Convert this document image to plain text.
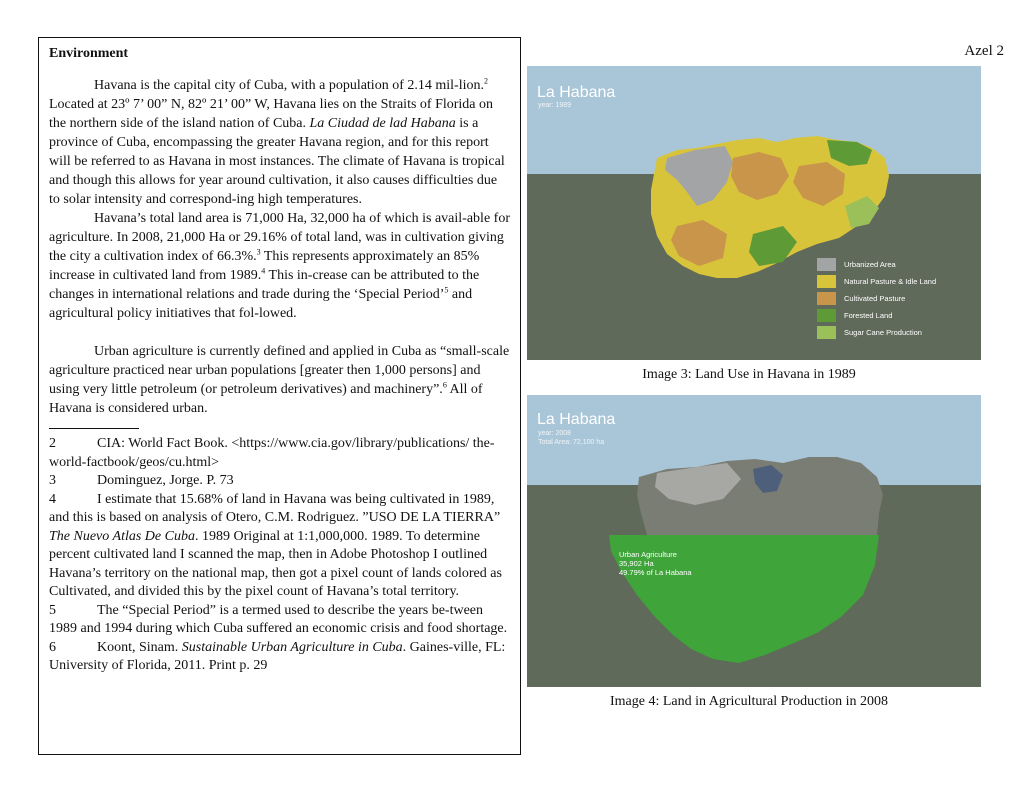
Azel 2
Environment

Havana is the capital city of Cuba, with a population of 2.14 mil-lion.$^2$ Located at 23º 7’ 00” N, 82º 21’ 00” W, Havana lies on the Straits of Florida on the northern side of the island nation of Cuba. La Ciudad de lad Habana is a province of Cuba, encompassing the greater Havana region, and for this report will be referred to as Havana in most instances. The climate of Havana is tropical and though this allows for year around cultivation, it also causes difficulties due to solar intensity and correspond-ing high temperatures.

Havana’s total land area is 71,000 Ha, 32,000 ha of which is avail-able for agriculture. In 2008, 21,000 Ha or 29.16% of total land, was in cultivation giving the city a cultivation index of 66.3%.$^3$ This represents approximately an 85% increase in cultivated land from 1989.$^4$ This in-crease can be attributed to the changes in international relations and trade during the ‘Special Period’$^5$ and agricultural policy initiatives that fol-lowed.

Urban agriculture is currently defined and applied in Cuba as “small-scale agriculture practiced near urban populations [greater then 1,000 persons] and using very little petroleum (or petroleum derivatives) and machinery”.$^6$ All of Havana is considered urban.

2	CIA: World Fact Book. <https://www.cia.gov/library/publications/ the-world-factbook/geos/cu.html>

3	Dominguez, Jorge. P. 73

4	I estimate that 15.68% of land in Havana was being cultivated in 1989, and this is based on analysis of Otero, C.M. Rodriguez. ”USO DE LA TIERRA” The Nuevo Atlas De Cuba. 1989 Original at 1:1,000,000. 1989. To determine percent cultivated land I scanned the map, then in Adobe Photoshop I outlined Havana’s territory on the national map, then got a pixel count of lands colored as Cultivated, and divided this by the pixel count of Havana’s total territory.

5	The “Special Period” is a termed used to describe the years be-tween 1989 and 1994 during which Cuba suffered an economic crisis and food shortage.

6	Koont, Sinam. Sustainable Urban Agriculture in Cuba. Gaines-ville, FL: University of Florida, 2011. Print p. 29

La Habana
year: 1989
Urbanized Area
Natural Pasture & Idle Land
Cultivated Pasture
Forested Land
Sugar Cane Production
Image 3: Land Use in Havana in 1989
La Habana
year: 2008
Total Area: 72,100 ha
Urban Agriculture
35,902 Ha
49.79% of La Habana
Image 4: Land in Agricultural Production in 2008
